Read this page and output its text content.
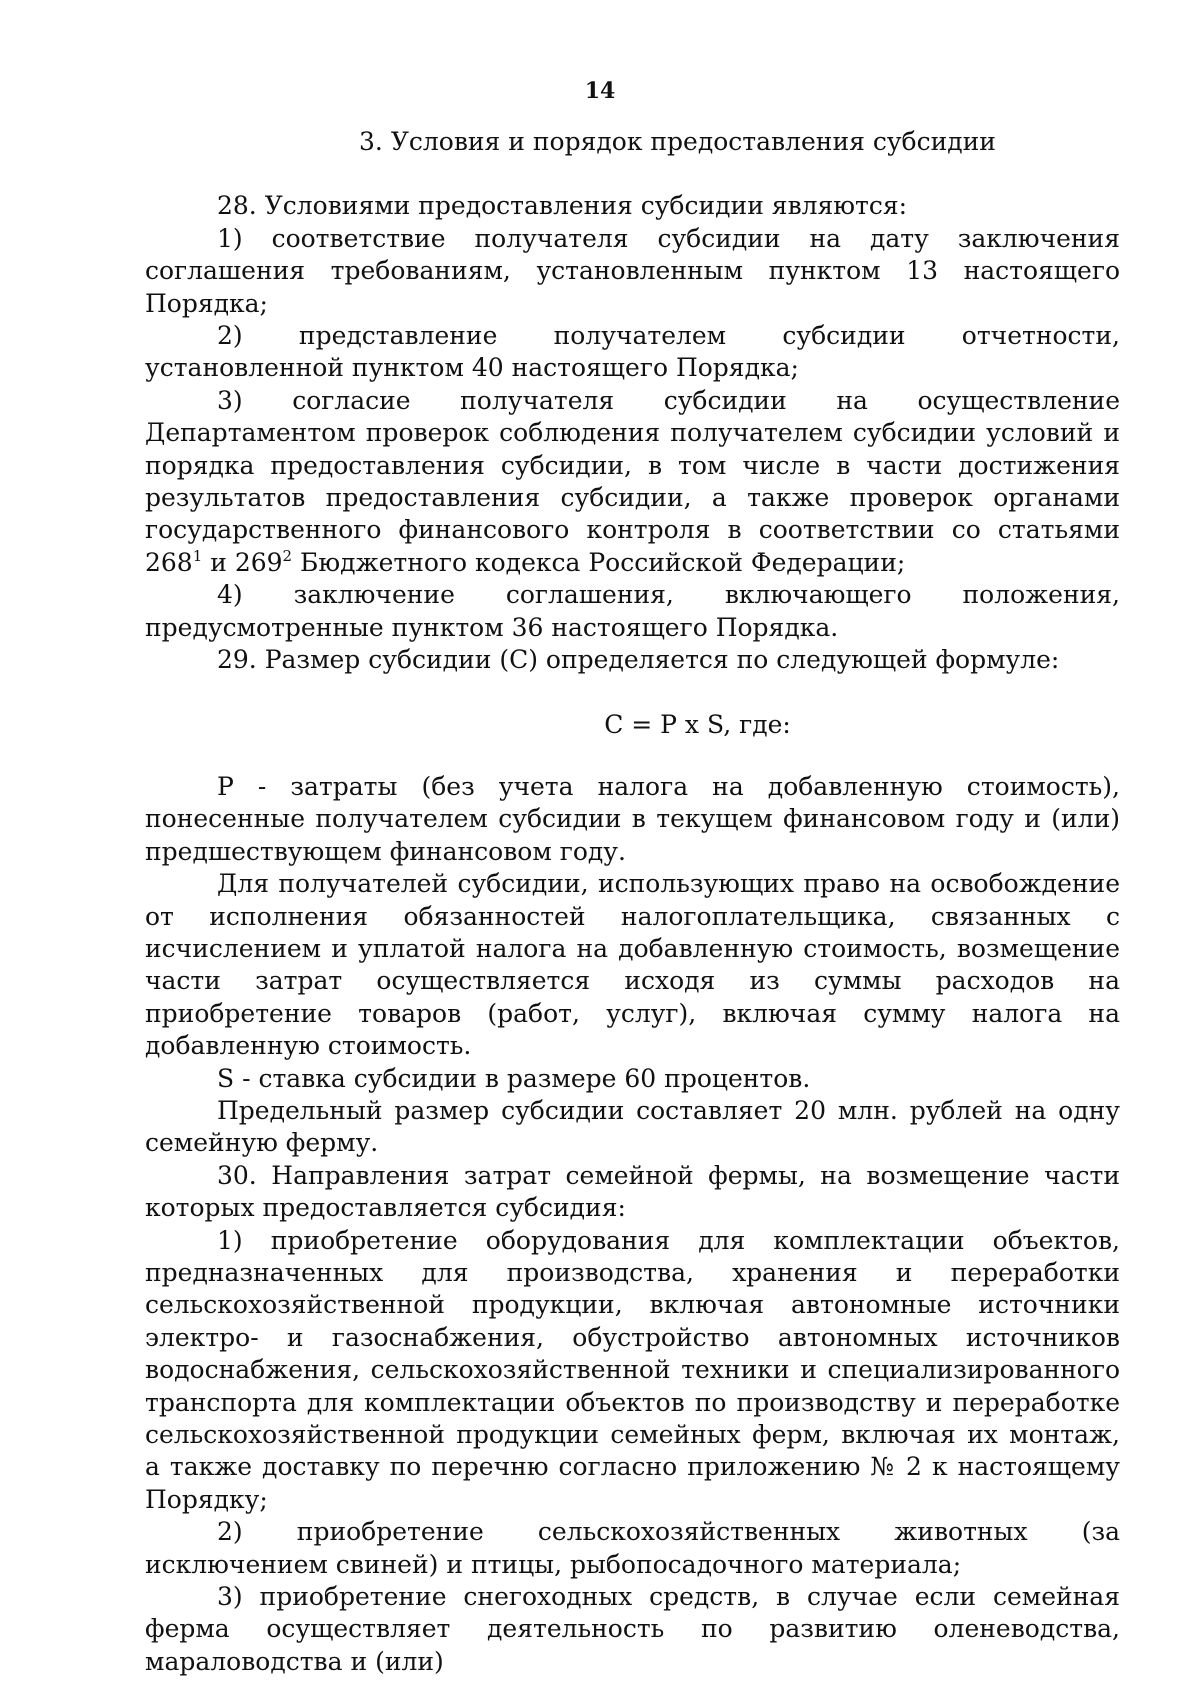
14

3. Условия и порядок предоставления субсидии

28. Условиями предоставления субсидии являются:

1) соответствие получателя субсидии на дату заключения соглашения требованиям, установленным пунктом 13 настоящего Порядка;

2) представление получателем субсидии отчетности, установленной пунктом 40 настоящего Порядка;

3) согласие получателя субсидии на осуществление Департаментом проверок соблюдения получателем субсидии условий и порядка предоставления субсидии, в том числе в части достижения результатов предоставления субсидии, а также проверок органами государственного финансового контроля в соответствии со статьями $268^1$ и $269^2$ Бюджетного кодекса Российской Федерации;

4) заключение соглашения, включающего положения, предусмотренные пунктом 36 настоящего Порядка.

29. Размер субсидии (С) определяется по следующей формуле:

С = P x S, где:

P - затраты (без учета налога на добавленную стоимость), понесенные получателем субсидии в текущем финансовом году и (или) предшествующем финансовом году.

Для получателей субсидии, использующих право на освобождение от исполнения обязанностей налогоплательщика, связанных с исчислением и уплатой налога на добавленную стоимость, возмещение части затрат осуществляется исходя из суммы расходов на приобретение товаров (работ, услуг), включая сумму налога на добавленную стоимость.

S - ставка субсидии в размере 60 процентов.

Предельный размер субсидии составляет 20 млн. рублей на одну семейную ферму.

30. Направления затрат семейной фермы, на возмещение части которых предоставляется субсидия:

1) приобретение оборудования для комплектации объектов, предназначенных для производства, хранения и переработки сельскохозяйственной продукции, включая автономные источники электро- и газоснабжения, обустройство автономных источников водоснабжения, сельскохозяйственной техники и специализированного транспорта для комплектации объектов по производству и переработке сельскохозяйственной продукции семейных ферм, включая их монтаж, а также доставку по перечню согласно приложению № 2 к настоящему Порядку;

2) приобретение сельскохозяйственных животных (за исключением свиней) и птицы, рыбопосадочного материала;

3) приобретение снегоходных средств, в случае если семейная ферма осуществляет деятельность по развитию оленеводства, мараловодства и (или)
